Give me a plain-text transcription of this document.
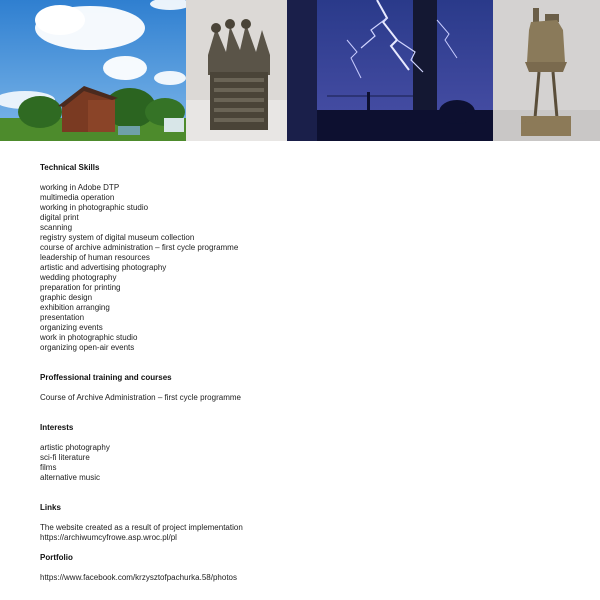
Technical Skills
working in Adobe DTP
multimedia operation
working in photographic studio
digital print
scanning
registry system of digital museum collection
course of archive administration – first cycle programme
leadership of human resources
artistic and advertising photography
wedding photography
preparation for printing
graphic design
exhibition arranging
presentation
organizing events
work in photographic studio
organizing open-air events
Proffessional training and courses
Course of Archive Administration – first cycle programme
Interests
artistic photography
sci-fi literature
films
alternative music
Links
The website created as a result of project implementation
https://archiwumcyfrowe.asp.wroc.pl/pl
Portfolio
https://www.facebook.com/krzysztofpachurka.58/photos
